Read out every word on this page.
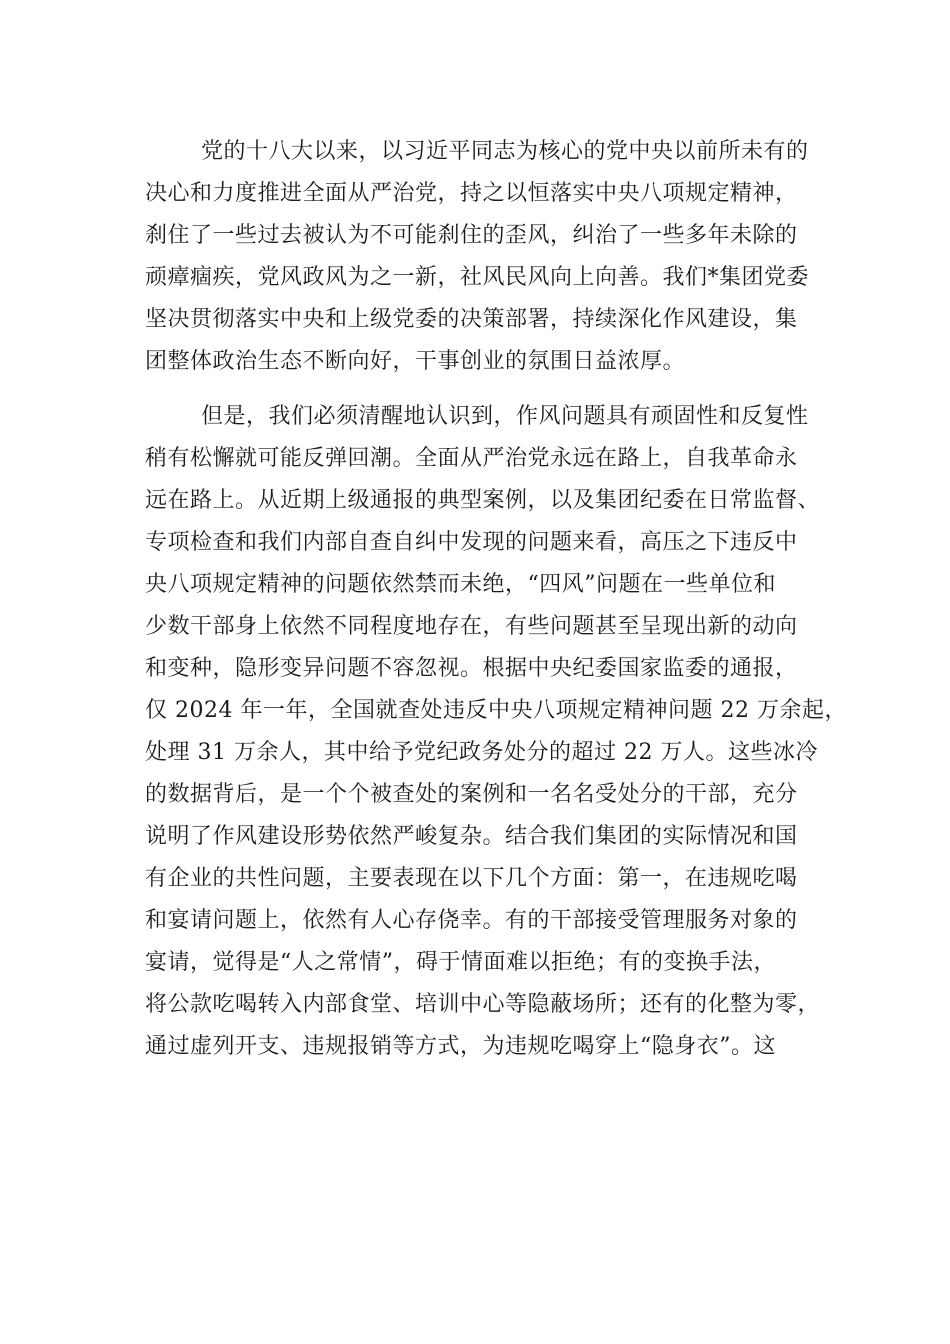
党的十八大以来，以习近平同志为核心的党中央以前所未有的
决心和力度推进全面从严治党，持之以恒落实中央八项规定精神，
刹住了一些过去被认为不可能刹住的歪风，纠治了一些多年未除的
顽瘴痼疾，党风政风为之一新，社风民风向上向善。我们*集团党委
坚决贯彻落实中央和上级党委的决策部署，持续深化作风建设，集
团整体政治生态不断向好，干事创业的氛围日益浓厚。
但是，我们必须清醒地认识到，作风问题具有顽固性和反复性
稍有松懈就可能反弹回潮。全面从严治党永远在路上，自我革命永
远在路上。从近期上级通报的典型案例，以及集团纪委在日常监督、
专项检查和我们内部自查自纠中发现的问题来看，高压之下违反中
央八项规定精神的问题依然禁而未绝，“四风”问题在一些单位和
少数干部身上依然不同程度地存在，有些问题甚至呈现出新的动向
和变种，隐形变异问题不容忽视。根据中央纪委国家监委的通报，
仅 2024 年一年，全国就查处违反中央八项规定精神问题 22 万余起，
处理 31 万余人，其中给予党纪政务处分的超过 22 万人。这些冰冷
的数据背后，是一个个被查处的案例和一名名受处分的干部，充分
说明了作风建设形势依然严峻复杂。结合我们集团的实际情况和国
有企业的共性问题，主要表现在以下几个方面：第一，在违规吃喝
和宴请问题上，依然有人心存侥幸。有的干部接受管理服务对象的
宴请，觉得是“人之常情”，碍于情面难以拒绝；有的变换手法，
将公款吃喝转入内部食堂、培训中心等隐蔽场所；还有的化整为零，
通过虚列开支、违规报销等方式，为违规吃喝穿上“隐身衣”。这
